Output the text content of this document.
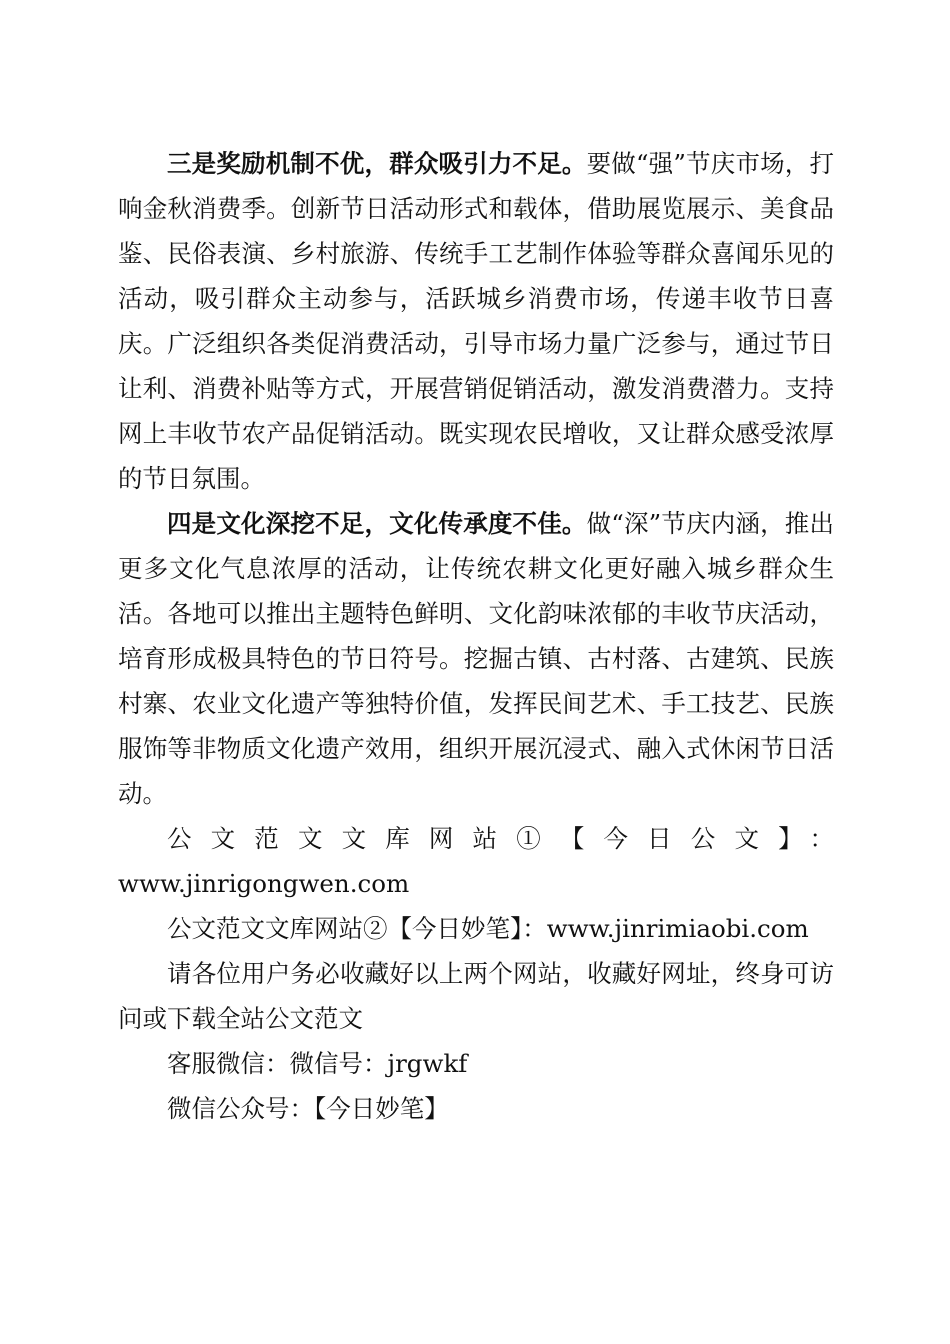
三是奖励机制不优，群众吸引力不足。要做“强”节庆市场，打响金秋消费季。创新节日活动形式和载体，借助展览展示、美食品鉴、民俗表演、乡村旅游、传统手工艺制作体验等群众喜闻乐见的活动，吸引群众主动参与，活跃城乡消费市场，传递丰收节日喜庆。广泛组织各类促消费活动，引导市场力量广泛参与，通过节日让利、消费补贴等方式，开展营销促销活动，激发消费潜力。支持网上丰收节农产品促销活动。既实现农民增收，又让群众感受浓厚的节日氛围。

四是文化深挖不足，文化传承度不佳。做“深”节庆内涵，推出更多文化气息浓厚的活动，让传统农耕文化更好融入城乡群众生活。各地可以推出主题特色鲜明、文化韵味浓郁的丰收节庆活动，培育形成极具特色的节日符号。挖掘古镇、古村落、古建筑、民族村寨、农业文化遗产等独特价值，发挥民间艺术、手工技艺、民族服饰等非物质文化遗产效用，组织开展沉浸式、融入式休闲节日活动。

公文范文文库网站①【今日公文】：

www.jinrigongwen.com

公文范文文库网站②【今日妙笔】：www.jinrimiaobi.com

请各位用户务必收藏好以上两个网站，收藏好网址，终身可访问或下载全站公文范文

客服微信：微信号：jrgwkf

微信公众号：【今日妙笔】
